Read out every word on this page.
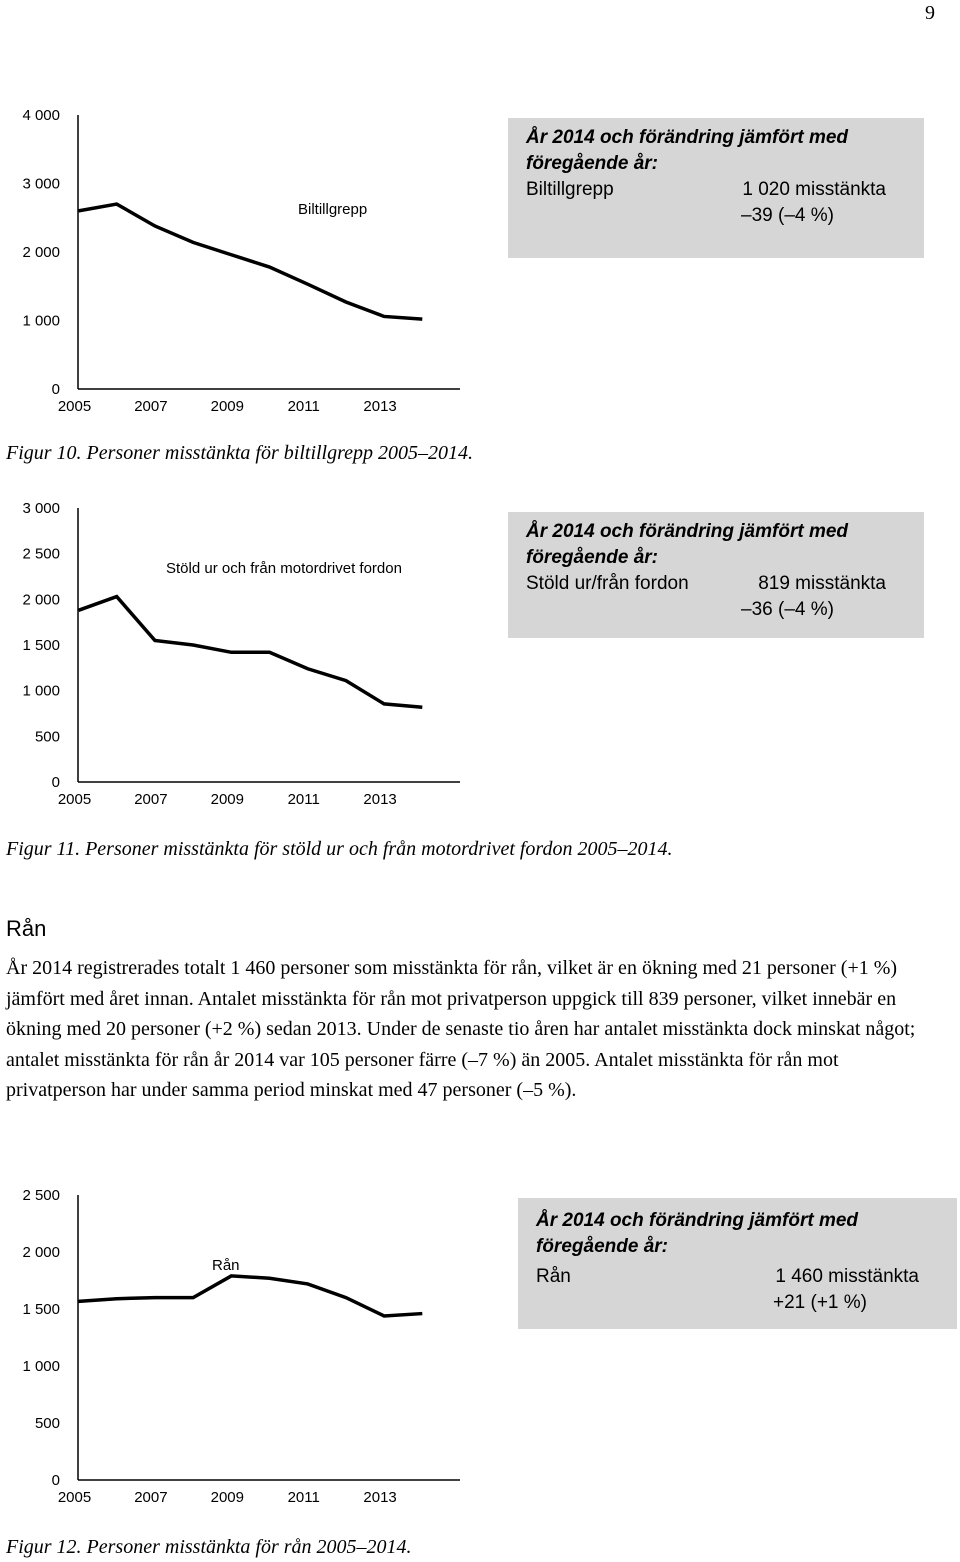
9
0
1 000
2 000
3 000
4 000
2005	2007	2009	2011	2013
Biltillgrepp
År 2014 och förändring jämfört med föregående år:
Biltillgrepp	1 020 misstänkta
–39 (–4 %)
Figur 10. Personer misstänkta för biltillgrepp 2005–2014.
0
500
1 000
1 500
2 000
2 500
3 000
2005	2007	2009	2011	2013
Stöld ur och från motordrivet fordon
År 2014 och förändring jämfört med föregående år:
Stöld ur/från fordon	819 misstänkta
–36 (–4 %)
Figur 11. Personer misstänkta för stöld ur och från motordrivet fordon 2005–2014.
Rån
År 2014 registrerades totalt 1 460 personer som misstänkta för rån, vilket är en ökning med 21 personer (+1 %) jämfört med året innan. Antalet misstänkta för rån mot privatperson uppgick till 839 personer, vilket innebär en ökning med 20 personer (+2 %) sedan 2013. Under de senaste tio åren har antalet misstänkta dock minskat något; antalet misstänkta för rån år 2014 var 105 personer färre (–7 %) än 2005. Antalet misstänkta för rån mot privatperson har under samma period minskat med 47 personer (–5 %).
0
500
1 000
1 500
2 000
2 500
2005	2007	2009	2011	2013
Rån
År 2014 och förändring jämfört med föregående år:
Rån	1 460 misstänkta
+21 (+1 %)
Figur 12. Personer misstänkta för rån 2005–2014.
